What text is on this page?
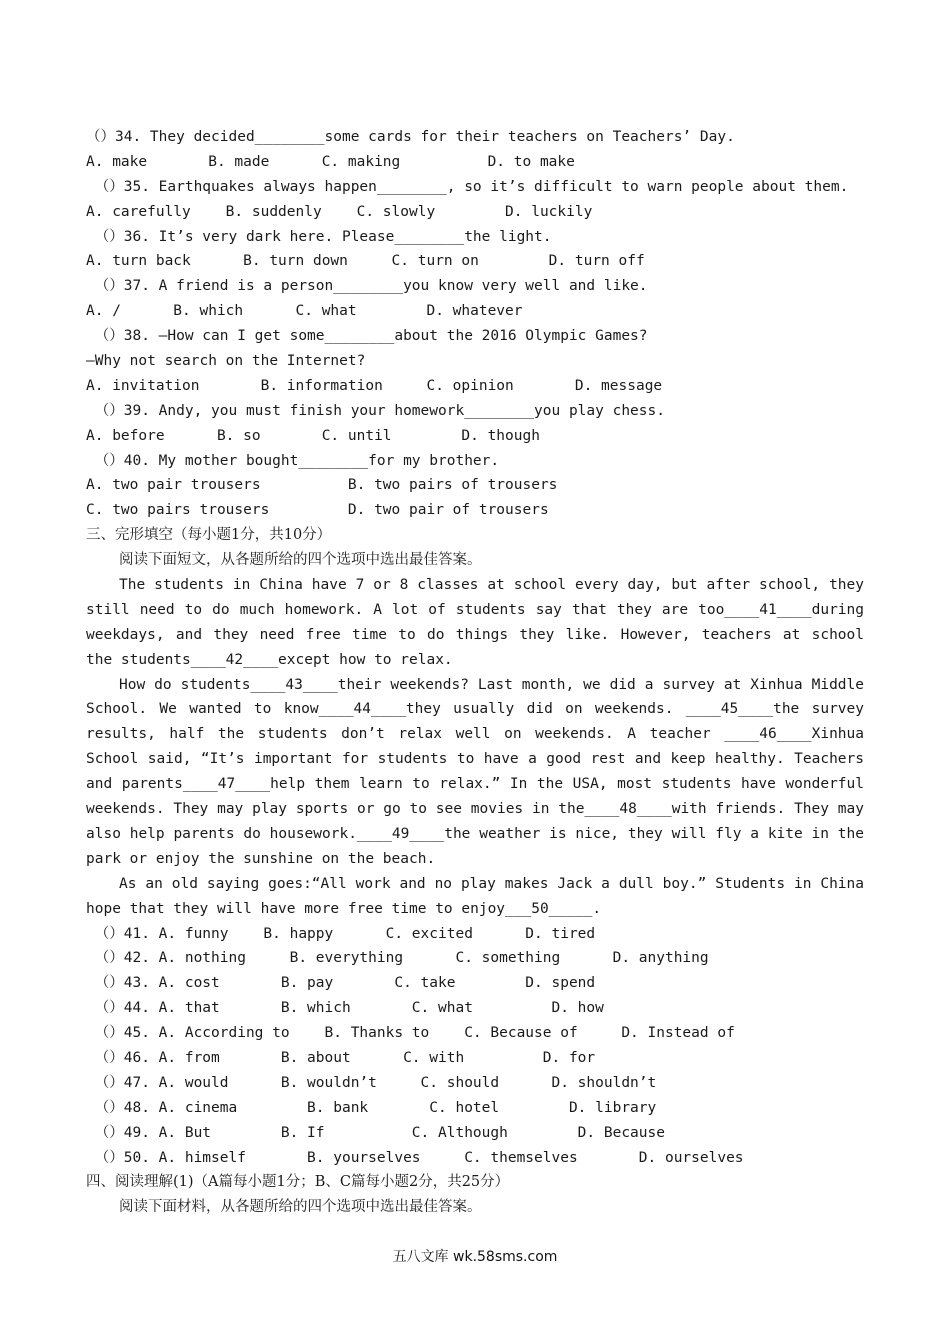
（）34. They decided________some cards for their teachers on Teachers’ Day.
A. make       B. made      C. making          D. to make
（）35. Earthquakes always happen________, so it’s difficult to warn people about them.
A. carefully    B. suddenly    C. slowly        D. luckily
（）36. It’s very dark here. Please________the light.
A. turn back      B. turn down     C. turn on        D. turn off
（）37. A friend is a person________you know very well and like.
A. /      B. which      C. what        D. whatever
（）38. —How can I get some________about the 2016 Olympic Games?
—Why not search on the Internet?
A. invitation       B. information     C. opinion       D. message
（）39. Andy, you must finish your homework________you play chess.
A. before      B. so       C. until        D. though
（）40. My mother bought________for my brother.
A. two pair trousers          B. two pairs of trousers
C. two pairs trousers         D. two pair of trousers
三、完形填空（每小题1分，共10分）
阅读下面短文，从各题所给的四个选项中选出最佳答案。
The students in China have 7 or 8 classes at school every day, but after school, they
still need to do much homework. A lot of students say that they are too____41____during
weekdays, and they need free time to do things they like. However, teachers at school
the students____42____except how to relax.
How do students____43____their weekends? Last month, we did a survey at Xinhua Middle
School. We wanted to know____44____they usually did on weekends. ____45____the survey
results, half the students don’t relax well on weekends. A teacher ____46____Xinhua
School said, “It’s important for students to have a good rest and keep healthy. Teachers
and parents____47____help them learn to relax.” In the USA, most students have wonderful
weekends. They may play sports or go to see movies in the____48____with friends. They may
also help parents do housework.____49____the weather is nice, they will fly a kite in the
park or enjoy the sunshine on the beach.
As an old saying goes:“All work and no play makes Jack a dull boy.” Students in China
hope that they will have more free time to enjoy___50_____.
（）41. A. funny    B. happy      C. excited      D. tired
（）42. A. nothing     B. everything      C. something      D. anything
（）43. A. cost       B. pay       C. take        D. spend
（）44. A. that       B. which       C. what         D. how
（）45. A. According to    B. Thanks to    C. Because of     D. Instead of
（）46. A. from       B. about      C. with         D. for
（）47. A. would      B. wouldn’t     C. should      D. shouldn’t
（）48. A. cinema        B. bank       C. hotel        D. library
（）49. A. But        B. If          C. Although        D. Because
（）50. A. himself       B. yourselves     C. themselves       D. ourselves
四、阅读理解(1)（A篇每小题1分；B、C篇每小题2分，共25分）
阅读下面材料，从各题所给的四个选项中选出最佳答案。
五八文库 wk.58sms.com
